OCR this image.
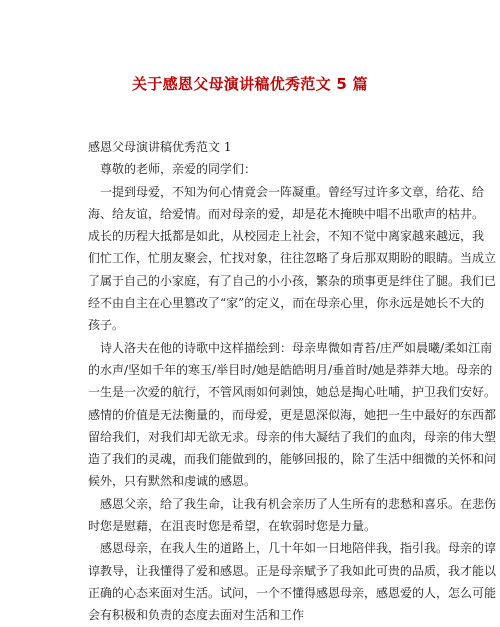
关于感恩父母演讲稿优秀范文 5 篇
感恩父母演讲稿优秀范文 1
尊敬的老师，亲爱的同学们：
一提到母爱，不知为何心情竟会一阵凝重。曾经写过许多文章，给花、给
海、给友谊，给爱情。而对母亲的爱，却是花木掩映中唱不出歌声的枯井。
成长的历程大抵都是如此，从校园走上社会，不知不觉中离家越来越远，我
们忙工作，忙朋友聚会，忙找对象，往往忽略了身后那双期盼的眼睛。当成立
了属于自己的小家庭，有了自己的小小孩，繁杂的琐事更是绊住了腿。我们已
经不由自主在心里篡改了“家”的定义，而在母亲心里，你永远是她长不大的
孩子。
诗人洛夫在他的诗歌中这样描绘到：母亲卑微如青苔/庄严如晨曦/柔如江南
的水声/坚如千年的寒玉/举目时/她是皓皓明月/垂首时/她是莽莽大地。母亲的
一生是一次爱的航行，不管风雨如何剥蚀，她总是掏心吐哺，护卫我们安好。
感情的价值是无法衡量的，而母爱，更是恩深似海，她把一生中最好的东西都
留给我们，对我们却无欲无求。母亲的伟大凝结了我们的血肉，母亲的伟大塑
造了我们的灵魂，而我们能做到的，能够回报的，除了生活中细微的关怀和问
候外，只有默然和虔诚的感恩。
感恩父亲，给了我生命，让我有机会亲历了人生所有的悲愁和喜乐。在悲伤
时您是慰藉，在沮丧时您是希望，在软弱时您是力量。
感恩母亲，在我人生的道路上，几十年如一日地陪伴我，指引我。母亲的谆
谆教导，让我懂得了爱和感恩。正是母亲赋予了我如此可贵的品质，我才能以
正确的心态来面对生活。试问，一个不懂得感恩母亲，感恩爱的人，怎么可能
会有积极和负责的态度去面对生活和工作
